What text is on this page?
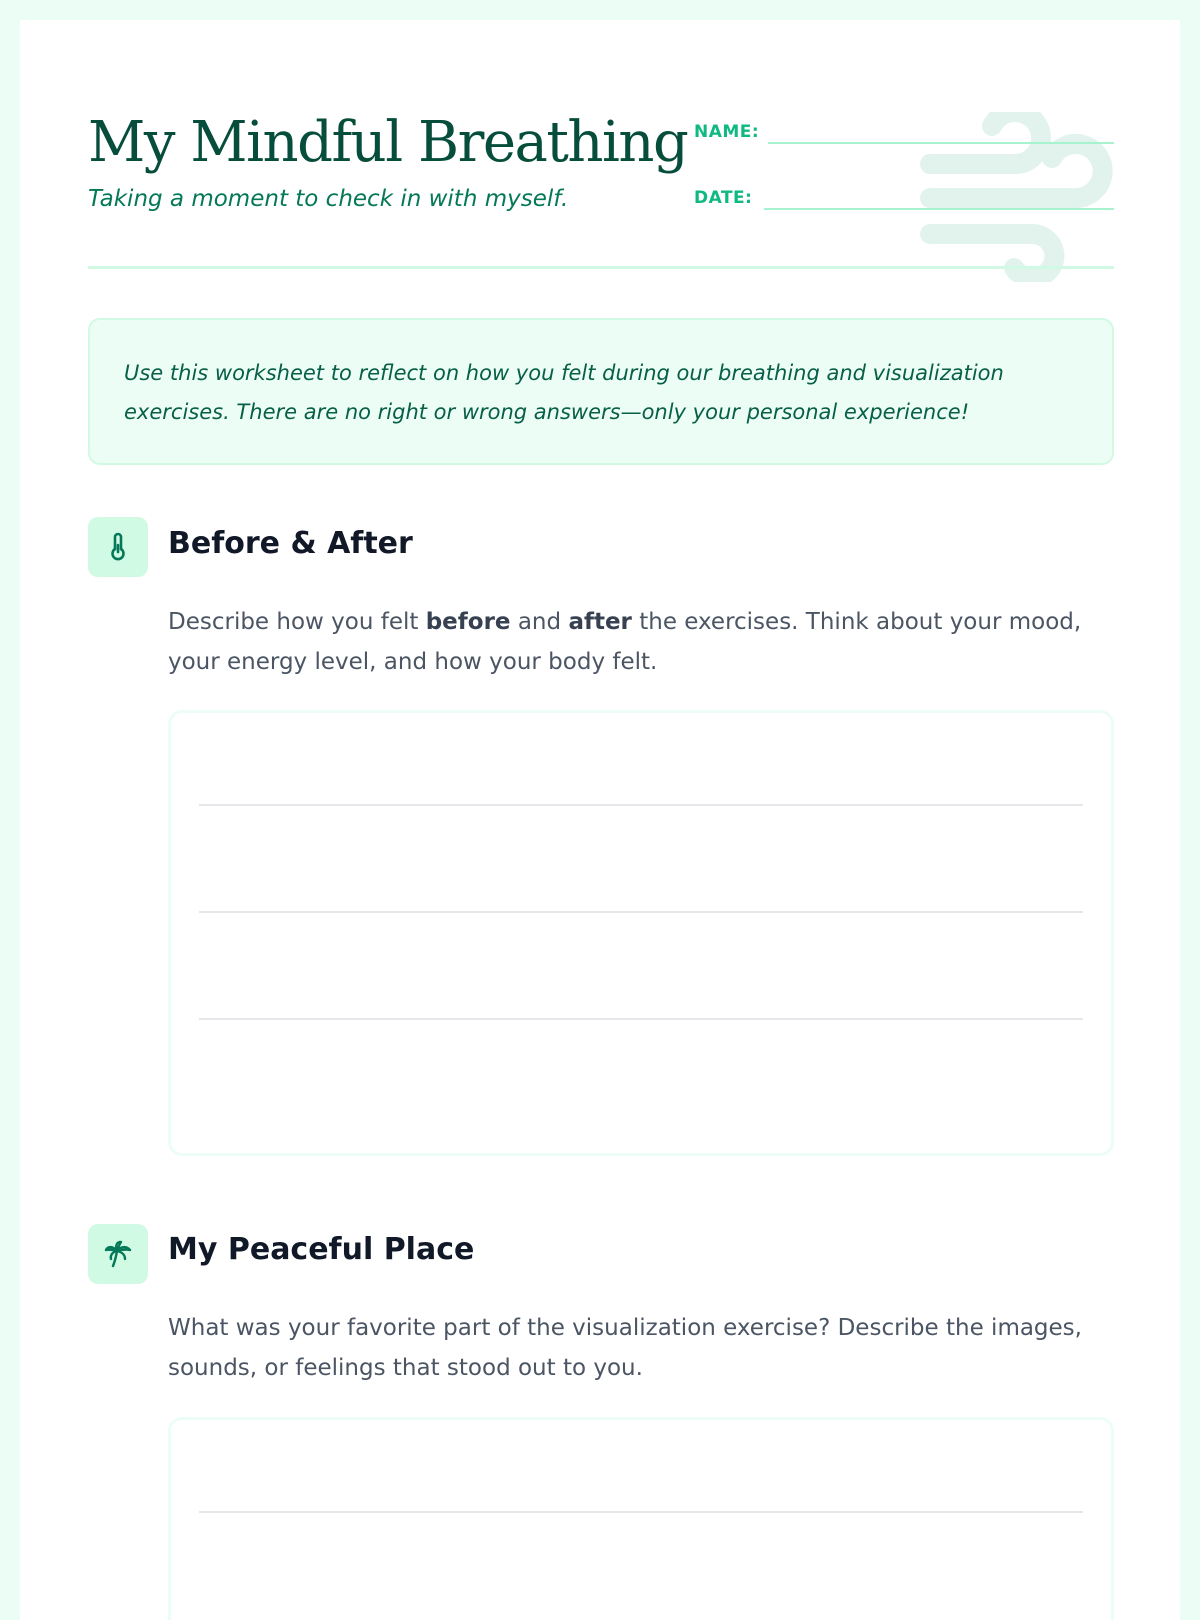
My Mindful Breathing
Taking a moment to check in with myself.
NAME:
DATE:
Use this worksheet to reflect on how you felt during our breathing and visualization exercises. There are no right or wrong answers—only your personal experience!
Before & After
Describe how you felt before and after the exercises. Think about your mood, your energy level, and how your body felt.
My Peaceful Place
What was your favorite part of the visualization exercise? Describe the images, sounds, or feelings that stood out to you.
